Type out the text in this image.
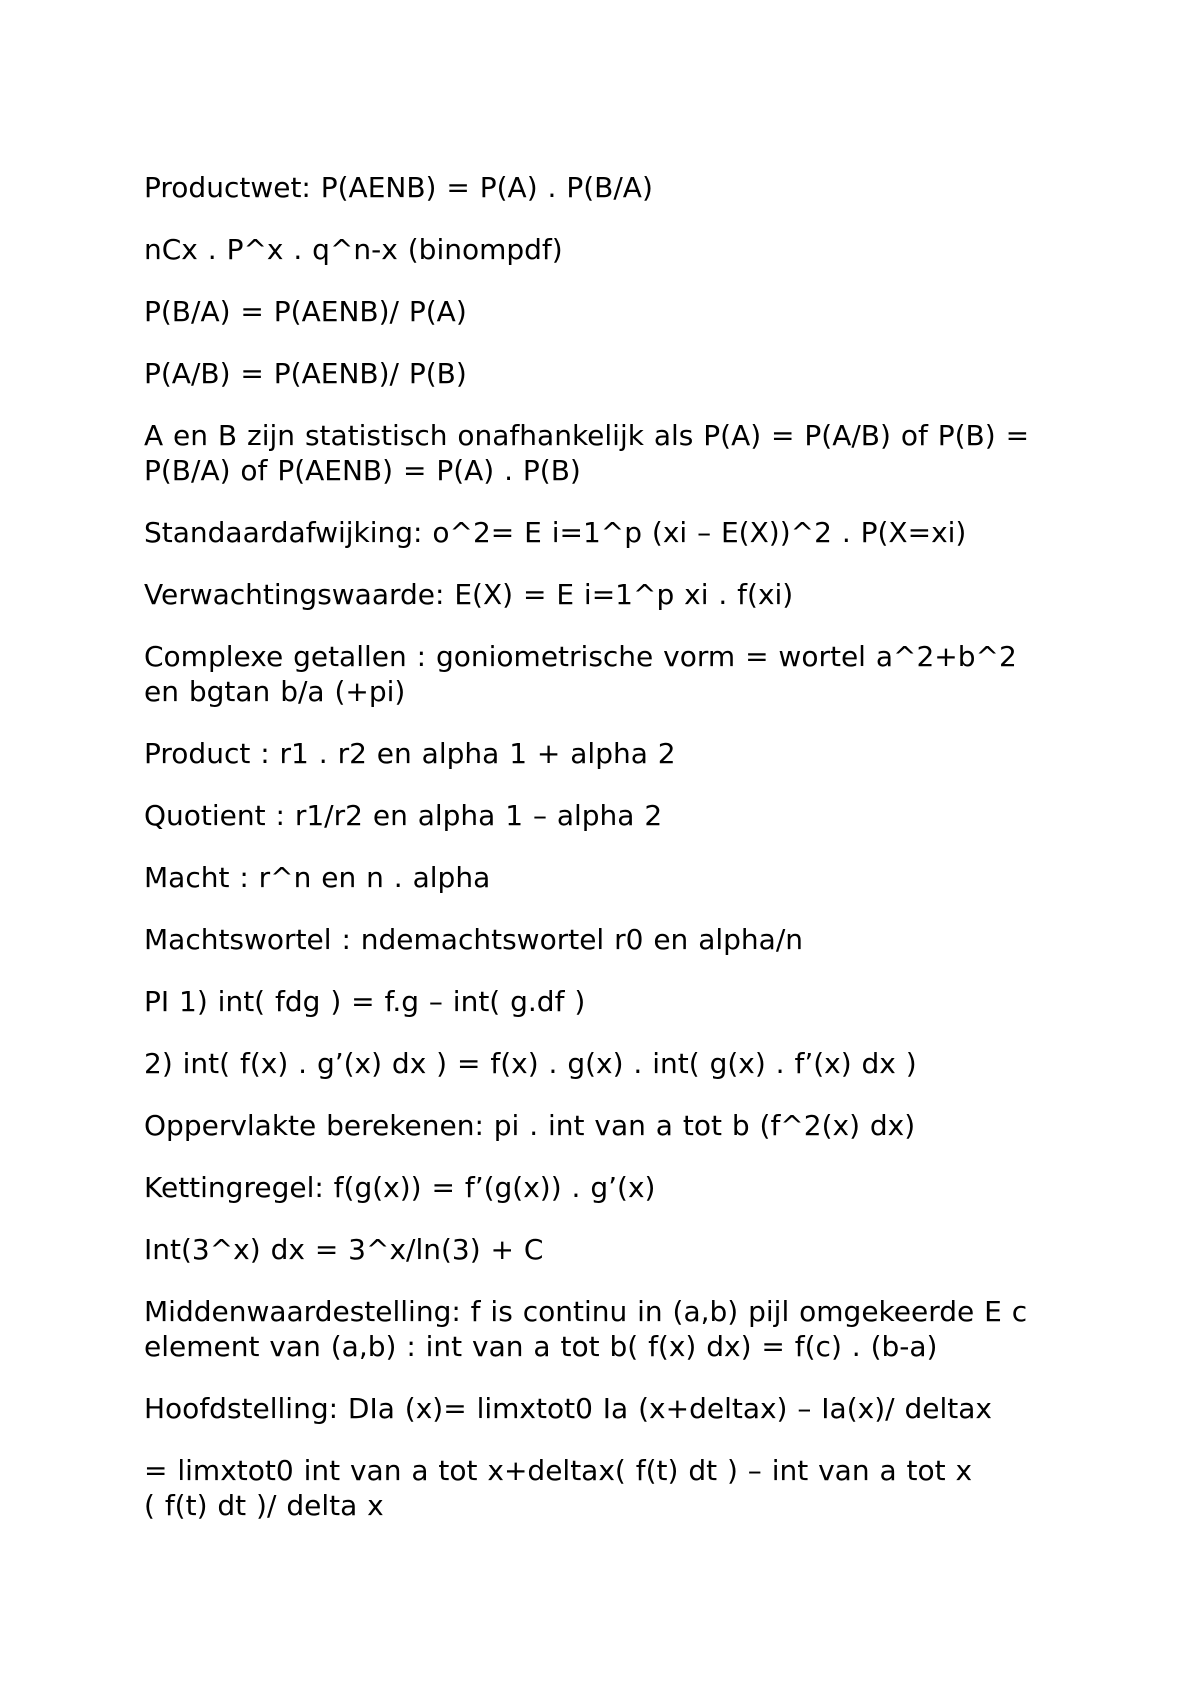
Productwet: P(AENB) = P(A) . P(B/A)

nCx . P^x . q^n-x (binompdf)

P(B/A) = P(AENB)/ P(A)

P(A/B) = P(AENB)/ P(B)

A en B zijn statistisch onafhankelijk als P(A) = P(A/B) of P(B) =
P(B/A) of P(AENB) = P(A) . P(B)

Standaardafwijking: o^2= E i=1^p (xi – E(X))^2 . P(X=xi)

Verwachtingswaarde: E(X) = E i=1^p xi . f(xi)

Complexe getallen : goniometrische vorm = wortel a^2+b^2
en bgtan b/a (+pi)

Product : r1 . r2 en alpha 1 + alpha 2

Quotient : r1/r2 en alpha 1 – alpha 2

Macht : r^n en n . alpha

Machtswortel : ndemachtswortel r0 en alpha/n

PI 1) int( fdg ) = f.g – int( g.df )

2) int( f(x) . g’(x) dx ) = f(x) . g(x) . int( g(x) . f’(x) dx )

Oppervlakte berekenen: pi . int van a tot b (f^2(x) dx)

Kettingregel: f(g(x)) = f’(g(x)) . g’(x)

Int(3^x) dx = 3^x/ln(3) + C

Middenwaardestelling: f is continu in (a,b) pijl omgekeerde E c
element van (a,b) : int van a tot b( f(x) dx) = f(c) . (b-a)

Hoofdstelling: DIa (x)= limxtot0 Ia (x+deltax) – Ia(x)/ deltax

= limxtot0 int van a tot x+deltax( f(t) dt ) – int van a tot x
( f(t) dt )/ delta x
